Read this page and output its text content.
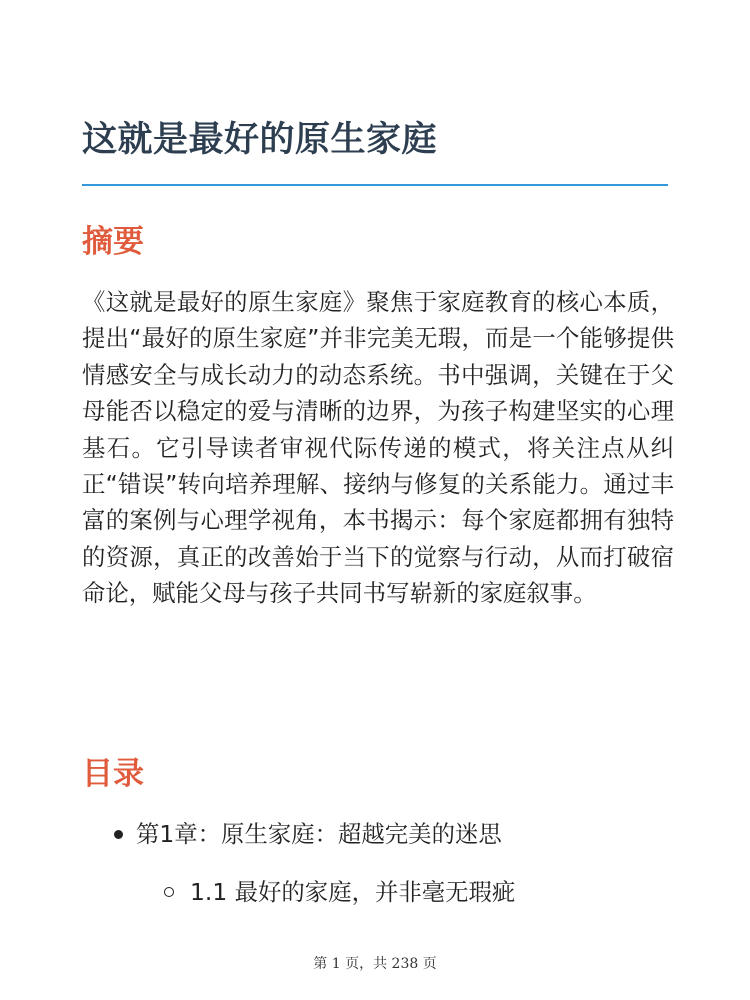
这就是最好的原生家庭
摘要

《这就是最好的原生家庭》聚焦于家庭教育的核心本质，提出“最好的原生家庭”并非完美无瑕，而是一个能够提供情感安全与成长动力的动态系统。书中强调，关键在于父母能否以稳定的爱与清晰的边界，为孩子构建坚实的心理基石。它引导读者审视代际传递的模式，将关注点从纠正“错误”转向培养理解、接纳与修复的关系能力。通过丰富的案例与心理学视角，本书揭示：每个家庭都拥有独特的资源，真正的改善始于当下的觉察与行动，从而打破宿命论，赋能父母与孩子共同书写崭新的家庭叙事。

目录
第1章：原生家庭：超越完美的迷思
1.1 最好的家庭，并非毫无瑕疵
第 1 页，共 238 页
